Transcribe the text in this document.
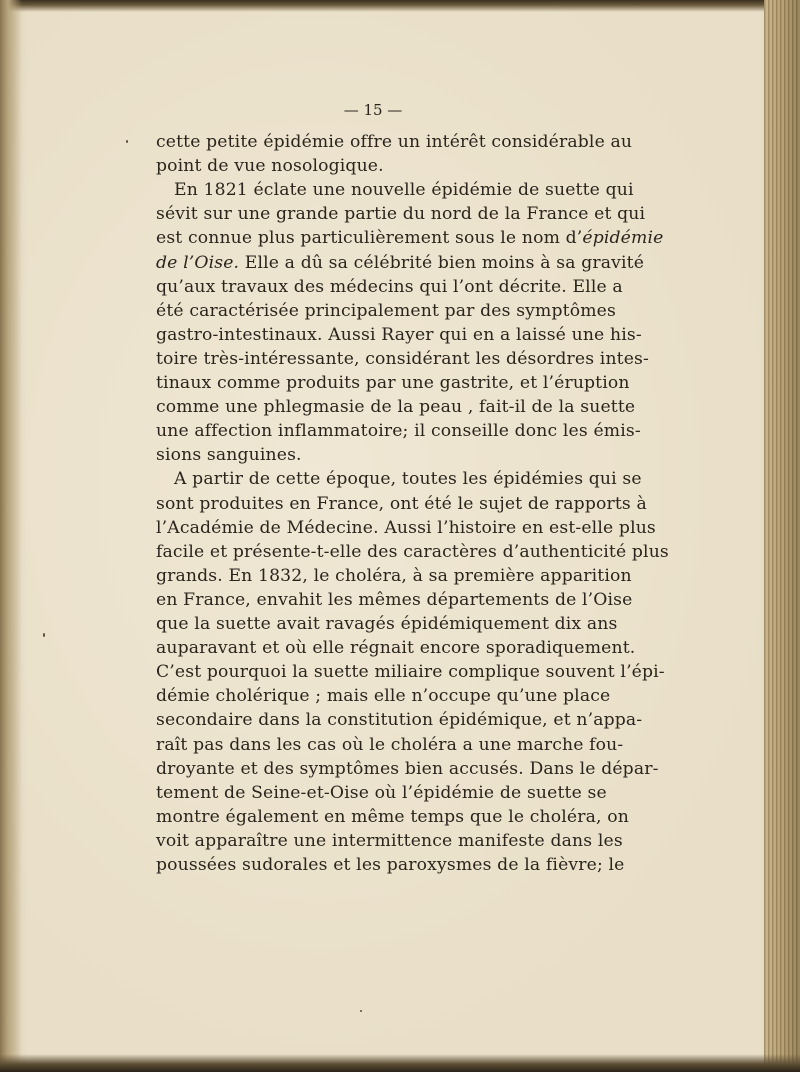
— 15 —
cette petite épidémie offre un intérêt considérable au
point de vue nosologique.
En 1821 éclate une nouvelle épidémie de suette qui
sévit sur une grande partie du nord de la France et qui
est connue plus particulièrement sous le nom d’épidémie
de l’Oise. Elle a dû sa célébrité bien moins à sa gravité
qu’aux travaux des médecins qui l’ont décrite. Elle a
été caractérisée principalement par des symptômes
gastro-intestinaux. Aussi Rayer qui en a laissé une his-
toire très-intéressante, considérant les désordres intes-
tinaux comme produits par une gastrite, et l’éruption
comme une phlegmasie de la peau , fait-il de la suette
une affection inflammatoire; il conseille donc les émis-
sions sanguines.
A partir de cette époque, toutes les épidémies qui se
sont produites en France, ont été le sujet de rapports à
l’Académie de Médecine. Aussi l’histoire en est-elle plus
facile et présente-t-elle des caractères d’authenticité plus
grands. En 1832, le choléra, à sa première apparition
en France, envahit les mêmes départements de l’Oise
que la suette avait ravagés épidémiquement dix ans
auparavant et où elle régnait encore sporadiquement.
C’est pourquoi la suette miliaire complique souvent l’épi-
démie cholérique ; mais elle n’occupe qu’une place
secondaire dans la constitution épidémique, et n’appa-
raît pas dans les cas où le choléra a une marche fou-
droyante et des symptômes bien accusés. Dans le dépar-
tement de Seine-et-Oise où l’épidémie de suette se
montre également en même temps que le choléra, on
voit apparaître une intermittence manifeste dans les
poussées sudorales et les paroxysmes de la fièvre; le
